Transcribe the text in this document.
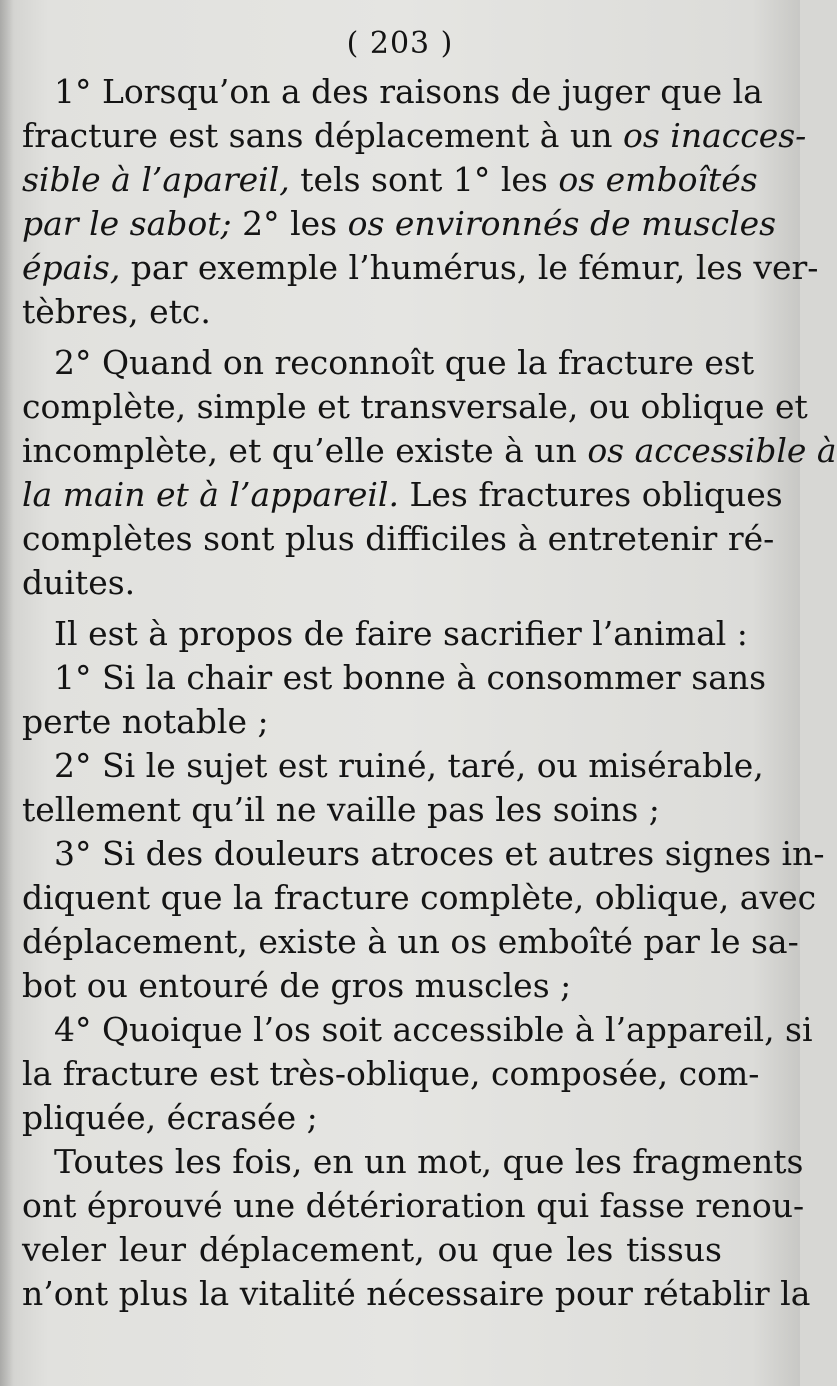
( 203 )
1° Lorsqu’on a des raisons de juger que la
fracture est sans déplacement à un os inacces-
sible à l’apareil, tels sont 1° les os emboîtés
par le sabot; 2° les os environnés de muscles
épais, par exemple l’humérus, le fémur, les ver-
tèbres, etc.
2° Quand on reconnoît que la fracture est
complète, simple et transversale, ou oblique et
incomplète, et qu’elle existe à un os accessible à
la main et à l’appareil. Les fractures obliques
complètes sont plus difficiles à entretenir ré-
duites.
Il est à propos de faire sacrifier l’animal :
1° Si la chair est bonne à consommer sans
perte notable ;
2° Si le sujet est ruiné, taré, ou misérable,
tellement qu’il ne vaille pas les soins ;
3° Si des douleurs atroces et autres signes in-
diquent que la fracture complète, oblique, avec
déplacement, existe à un os emboîté par le sa-
bot ou entouré de gros muscles ;
4° Quoique l’os soit accessible à l’appareil, si
la fracture est très-oblique, composée, com-
pliquée, écrasée ;
Toutes les fois, en un mot, que les fragments
ont éprouvé une détérioration qui fasse renou-
veler leur déplacement, ou que les tissus
n’ont plus la vitalité nécessaire pour rétablir la
